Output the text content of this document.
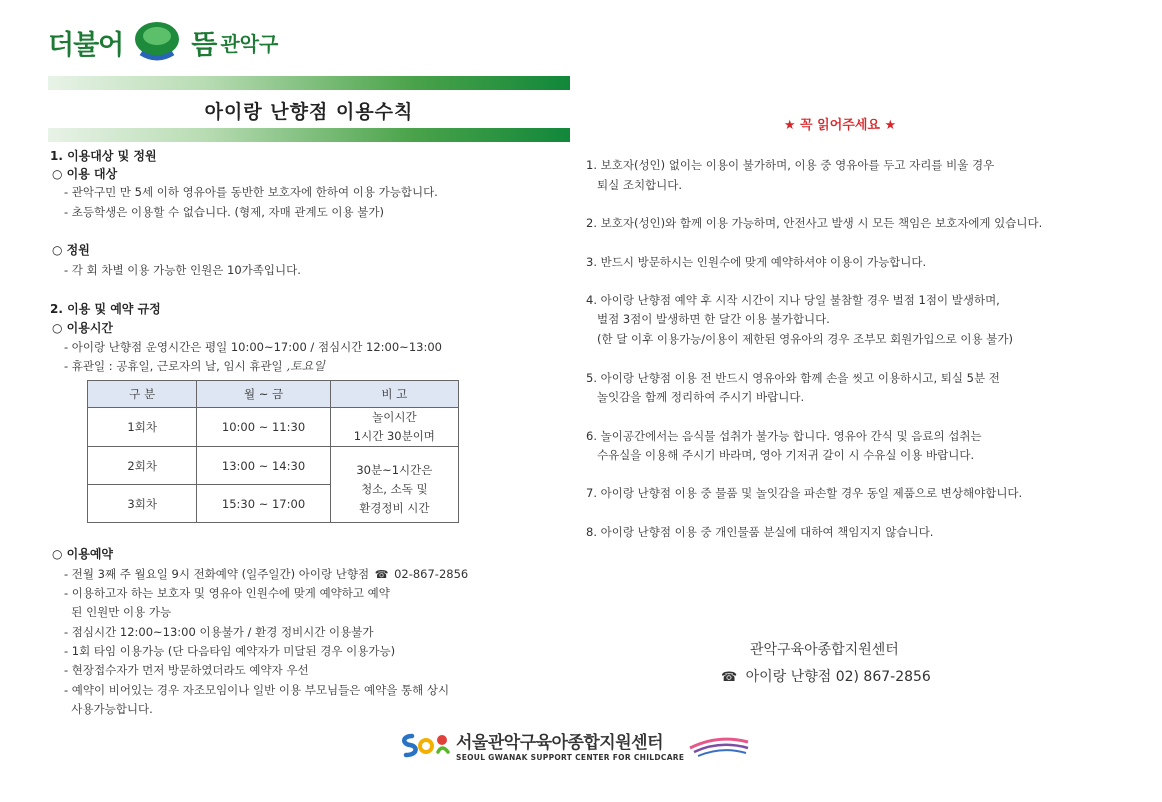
더불어	뜸 관악구
아이랑 난향점 이용수칙
1. 이용대상 및 정원
○ 이용 대상
- 관악구민 만 5세 이하 영유아를 동반한 보호자에 한하여 이용 가능합니다.
- 초등학생은 이용할 수 없습니다. (형제, 자매 관계도 이용 불가)
○ 정원
- 각 회 차별 이용 가능한 인원은 10가족입니다.
2. 이용 및 예약 규정
○ 이용시간
- 아이랑 난향점 운영시간은 평일 10:00~17:00 / 점심시간 12:00~13:00
- 휴관일 : 공휴일, 근로자의 날, 임시 휴관일 ,토요일
구 분	월 ~ 금	비 고
1회차	10:00 ~ 11:30	놀이시간
1시간 30분이며

2회차	13:00 ~ 14:30	30분~1시간은
청소, 소독 및
환경정비 시간

3회차	15:30 ~ 17:00	
○ 이용예약
- 전월 3째 주 월요일 9시 전화예약 (일주일간) 아이랑 난향점 ☎ 02-867-2856
- 이용하고자 하는 보호자 및 영유아 인원수에 맞게 예약하고 예약
된 인원만 이용 가능
- 점심시간 12:00~13:00 이용불가 / 환경 정비시간 이용불가
- 1회 타임 이용가능 (단 다음타임 예약자가 미달된 경우 이용가능)
- 현장접수자가 먼저 방문하였더라도 예약자 우선
- 예약이 비어있는 경우 자조모임이나 일반 이용 부모님들은 예약을 통해 상시
사용가능합니다.
★ 꼭 읽어주세요 ★
1. 보호자(성인) 없이는 이용이 불가하며, 이용 중 영유아를 두고 자리를 비울 경우
퇴실 조치합니다.
2. 보호자(성인)와 함께 이용 가능하며, 안전사고 발생 시 모든 책임은 보호자에게 있습니다.
3. 반드시 방문하시는 인원수에 맞게 예약하셔야 이용이 가능합니다.
4. 아이랑 난향점 예약 후 시작 시간이 지나 당일 불참할 경우 벌점 1점이 발생하며,
벌점 3점이 발생하면 한 달간 이용 불가합니다.
(한 달 이후 이용가능/이용이 제한된 영유아의 경우 조부모 회원가입으로 이용 불가)
5. 아이랑 난향점 이용 전 반드시 영유아와 함께 손을 씻고 이용하시고, 퇴실 5분 전
놀잇감을 함께 정리하여 주시기 바랍니다.
6. 놀이공간에서는 음식물 섭취가 불가능 합니다. 영유아 간식 및 음료의 섭취는
수유실을 이용해 주시기 바라며, 영아 기저귀 갈이 시 수유실 이용 바랍니다.
7. 아이랑 난향점 이용 중 물품 및 놀잇감을 파손할 경우 동일 제품으로 변상해야합니다.
8. 아이랑 난향점 이용 중 개인물품 분실에 대하여 책임지지 않습니다.
관악구육아종합지원센터
☎ 아이랑 난향점 02) 867-2856
서울관악구육아종합지원센터
SEOUL GWANAK SUPPORT CENTER FOR CHILDCARE
